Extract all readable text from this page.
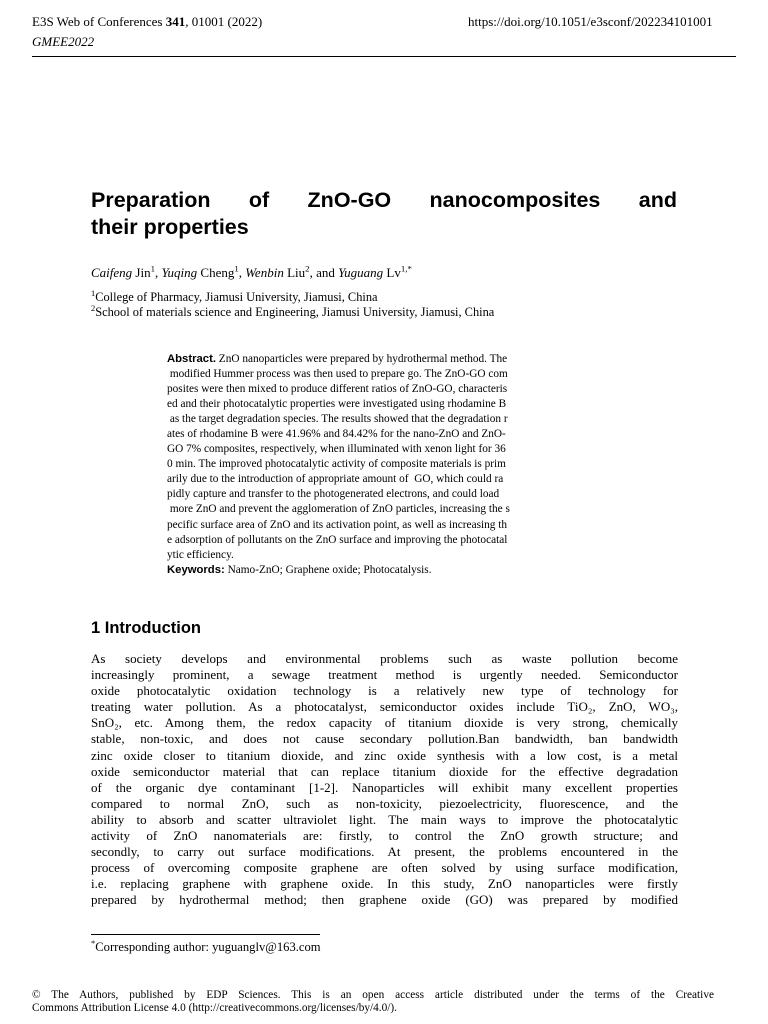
E3S Web of Conferences 341, 01001 (2022)	https://doi.org/10.1051/e3sconf/202234101001
GMEE2022
Preparation of ZnO-GO nanocomposites and
their properties
Caifeng Jin$^1$, Yuqing Cheng$^1$, Wenbin Liu$^2$, and Yuguang $Lv^{1,*}$
$^1$College of Pharmacy, Jiamusi University, Jiamusi, China
$^2$School of materials science and Engineering, Jiamusi University, Jiamusi, China
Abstract. ZnO nanoparticles were prepared by hydrothermal method. The
modified Hummer process was then used to prepare go. The ZnO-GO com
posites were then mixed to produce different ratios of ZnO-GO, characteris
ed and their photocatalytic properties were investigated using rhodamine B
as the target degradation species. The results showed that the degradation r
ates of rhodamine B were 41.96% and 84.42% for the nano-ZnO and ZnO-
GO 7% composites, respectively, when illuminated with xenon light for 36
0 min. The improved photocatalytic activity of composite materials is prim
arily due to the introduction of appropriate amount of  GO, which could ra
pidly capture and transfer to the photogenerated electrons, and could load
more ZnO and prevent the agglomeration of ZnO particles, increasing the s
pecific surface area of ZnO and its activation point, as well as increasing th
e adsorption of pollutants on the ZnO surface and improving the photocatal
ytic efficiency.
Keywords: Namo-ZnO; Graphene oxide; Photocatalysis.
1 Introduction
As society develops and environmental problems such as waste pollution become
increasingly prominent, a sewage treatment method is urgently needed. Semiconductor
oxide photocatalytic oxidation technology is a relatively new type of technology for
treating water pollution. As a photocatalyst, semiconductor oxides include TiO₂, ZnO, WO₃,
SnO₂, etc. Among them, the redox capacity of titanium dioxide is very strong, chemically
stable, non-toxic, and does not cause secondary pollution.Ban bandwidth, ban bandwidth
zinc oxide closer to titanium dioxide, and zinc oxide synthesis with a low cost, is a metal
oxide semiconductor material that can replace titanium dioxide for the effective degradation
of the organic dye contaminant [1-2]. Nanoparticles will exhibit many excellent properties
compared to normal ZnO, such as non-toxicity, piezoelectricity, fluorescence, and the
ability to absorb and scatter ultraviolet light. The main ways to improve the photocatalytic
activity of ZnO nanomaterials are: firstly, to control the ZnO growth structure; and
secondly, to carry out surface modifications. At present, the problems encountered in the
process of overcoming composite graphene are often solved by using surface modification,
i.e. replacing graphene with graphene oxide. In this study, ZnO nanoparticles were firstly
prepared by hydrothermal method; then graphene oxide (GO) was prepared by modified
*Corresponding author: yuguanglv@163.com
© The Authors, published by EDP Sciences. This is an open access article distributed under the terms of the Creative
Commons Attribution License 4.0 (http://creativecommons.org/licenses/by/4.0/).
